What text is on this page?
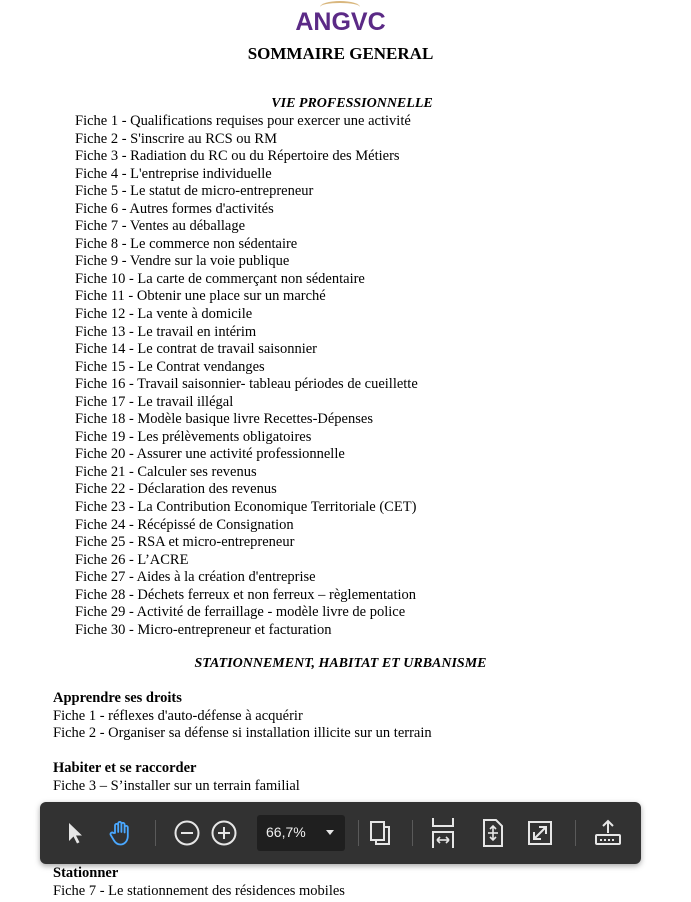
ANGVC
SOMMAIRE GENERAL
VIE PROFESSIONNELLE
Fiche 1 - Qualifications requises pour exercer une activité
Fiche 2 - S'inscrire au RCS ou RM
Fiche 3 - Radiation du RC ou du Répertoire des Métiers
Fiche 4 - L'entreprise individuelle
Fiche 5 - Le statut de micro-entrepreneur
Fiche 6 - Autres formes d'activités
Fiche 7 - Ventes au déballage
Fiche 8 - Le commerce non sédentaire
Fiche 9 - Vendre sur la voie publique
Fiche 10 - La carte de commerçant non sédentaire
Fiche 11 - Obtenir une place sur un marché
Fiche 12 - La vente à domicile
Fiche 13 - Le travail en intérim
Fiche 14 - Le contrat de travail saisonnier
Fiche 15 - Le Contrat vendanges
Fiche 16 - Travail saisonnier- tableau périodes de cueillette
Fiche 17 - Le travail illégal
Fiche 18 - Modèle basique livre Recettes-Dépenses
Fiche 19 - Les prélèvements obligatoires
Fiche 20 - Assurer une activité professionnelle
Fiche 21 - Calculer ses revenus
Fiche 22 - Déclaration des revenus
Fiche 23 - La Contribution Economique Territoriale (CET)
Fiche 24 - Récépissé de Consignation
Fiche 25 - RSA et micro-entrepreneur
Fiche 26 - L’ACRE
Fiche 27 - Aides à la création d'entreprise
Fiche 28 - Déchets ferreux et non ferreux – règlementation
Fiche 29 - Activité de ferraillage - modèle livre de police
Fiche 30 - Micro-entrepreneur et facturation
STATIONNEMENT, HABITAT ET URBANISME
Apprendre ses droits
Fiche 1 - réflexes d'auto-défense à acquérir
Fiche 2 - Organiser sa défense si installation illicite sur un terrain
Habiter et se raccorder
Fiche 3 – S’installer sur un terrain familial
Stationner
Fiche 7 - Le stationnement des résidences mobiles
66,7%
